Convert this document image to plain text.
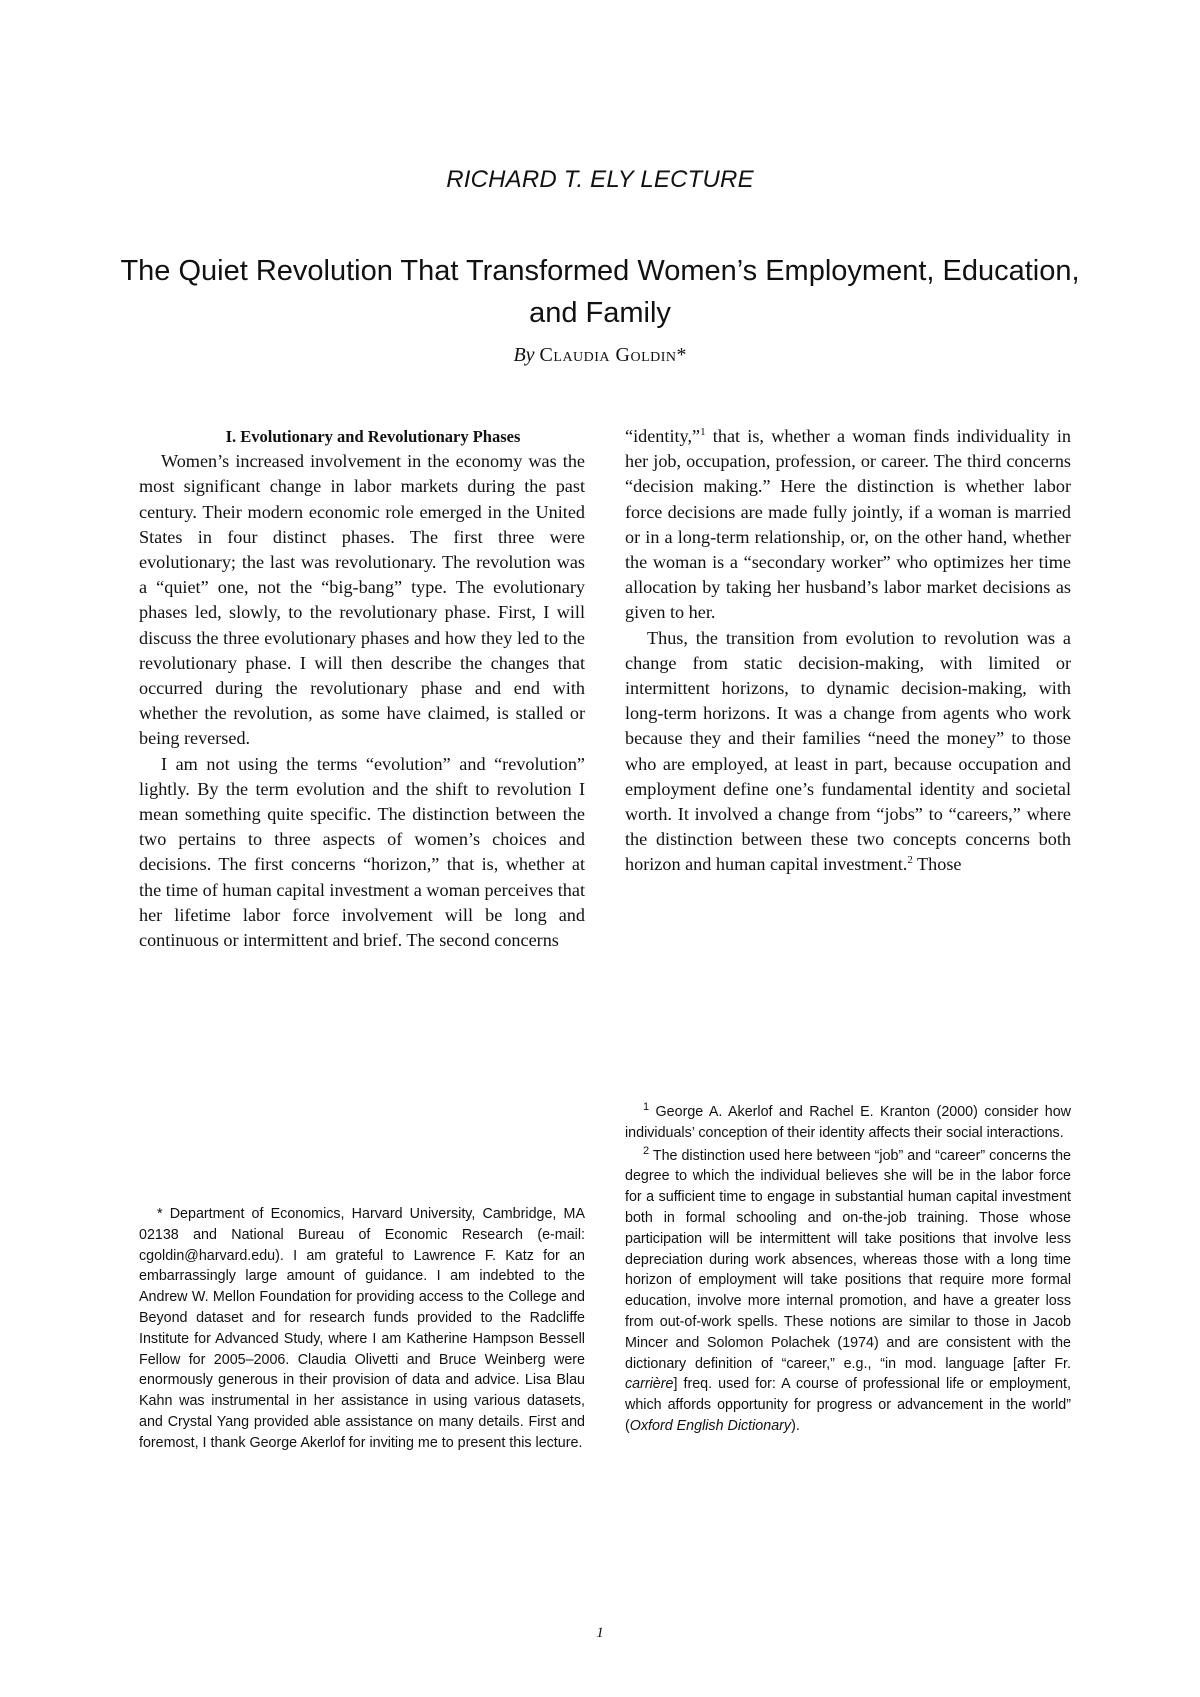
RICHARD T. ELY LECTURE
The Quiet Revolution That Transformed Women’s Employment, Education, and Family
By Claudia Goldin*

I. Evolutionary and Revolutionary Phases

Women’s increased involvement in the economy was the most significant change in labor markets during the past century. Their modern economic role emerged in the United States in four distinct phases. The first three were evolutionary; the last was revolutionary. The revolution was a “quiet” one, not the “big-bang” type. The evolutionary phases led, slowly, to the revolutionary phase. First, I will discuss the three evolutionary phases and how they led to the revolutionary phase. I will then describe the changes that occurred during the revolutionary phase and end with whether the revolution, as some have claimed, is stalled or being reversed.

I am not using the terms “evolution” and “revolution” lightly. By the term evolution and the shift to revolution I mean something quite specific. The distinction between the two pertains to three aspects of women’s choices and decisions. The first concerns “horizon,” that is, whether at the time of human capital investment a woman perceives that her lifetime labor force involvement will be long and continuous or intermittent and brief. The second concerns

“identity,”$^1$ that is, whether a woman finds individuality in her job, occupation, profession, or career. The third concerns “decision making.” Here the distinction is whether labor force decisions are made fully jointly, if a woman is married or in a long-term relationship, or, on the other hand, whether the woman is a “secondary worker” who optimizes her time allocation by taking her husband’s labor market decisions as given to her.

Thus, the transition from evolution to revolution was a change from static decision-making, with limited or intermittent horizons, to dynamic decision-making, with long-term horizons. It was a change from agents who work because they and their families “need the money” to those who are employed, at least in part, because occupation and employment define one’s fundamental identity and societal worth. It involved a change from “jobs” to “careers,” where the distinction between these two concepts concerns both horizon and human capital investment.$^2$ Those

* Department of Economics, Harvard University, Cambridge, MA 02138 and National Bureau of Economic Research (e-mail: cgoldin@harvard.edu). I am grateful to Lawrence F. Katz for an embarrassingly large amount of guidance. I am indebted to the Andrew W. Mellon Foundation for providing access to the College and Beyond dataset and for research funds provided to the Radcliffe Institute for Advanced Study, where I am Katherine Hampson Bessell Fellow for 2005–2006. Claudia Olivetti and Bruce Weinberg were enormously generous in their provision of data and advice. Lisa Blau Kahn was instrumental in her assistance in using various datasets, and Crystal Yang provided able assistance on many details. First and foremost, I thank George Akerlof for inviting me to present this lecture.

$^1$ George A. Akerlof and Rachel E. Kranton (2000) consider how individuals’ conception of their identity affects their social interactions.

$^2$ The distinction used here between “job” and “career” concerns the degree to which the individual believes she will be in the labor force for a sufficient time to engage in substantial human capital investment both in formal schooling and on-the-job training. Those whose participation will be intermittent will take positions that involve less depreciation during work absences, whereas those with a long time horizon of employment will take positions that require more formal education, involve more internal promotion, and have a greater loss from out-of-work spells. These notions are similar to those in Jacob Mincer and Solomon Polachek (1974) and are consistent with the dictionary definition of “career,” e.g., “in mod. language [after Fr. carrière] freq. used for: A course of professional life or employment, which affords opportunity for progress or advancement in the world” (Oxford English Dictionary).

1
